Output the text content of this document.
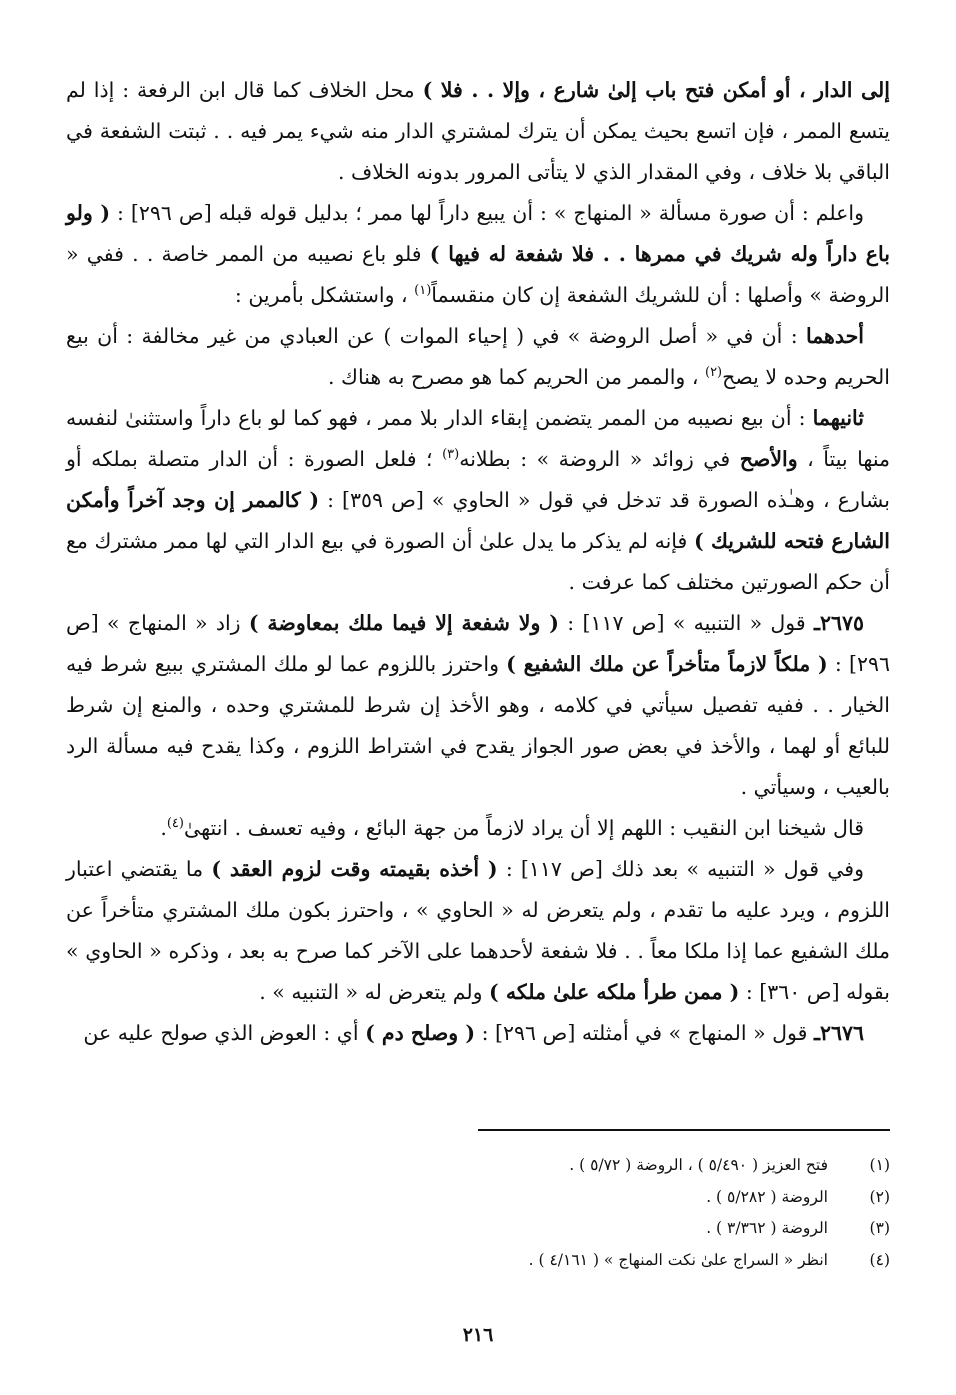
إلى الدار ، أو أمكن فتح باب إلىٰ شارع ، وإلا . . فلا ) محل الخلاف كما قال ابن الرفعة : إذا لم يتسع الممر ، فإن اتسع بحيث يمكن أن يترك لمشتري الدار منه شيء يمر فيه . . ثبتت الشفعة في الباقي بلا خلاف ، وفي المقدار الذي لا يتأتى المرور بدونه الخلاف .

واعلم : أن صورة مسألة « المنهاج » : أن يبيع داراً لها ممر ؛ بدليل قوله قبله [ص ٢٩٦] : ( ولو باع داراً وله شريك في ممرها . . فلا شفعة له فيها ) فلو باع نصيبه من الممر خاصة . . ففي « الروضة » وأصلها : أن للشريك الشفعة إن كان منقسماً$^{(١)}$ ، واستشكل بأمرين :

أحدهما : أن في « أصل الروضة » في ( إحياء الموات ) عن العبادي من غير مخالفة : أن بيع الحريم وحده لا يصح$^{(٢)}$ ، والممر من الحريم كما هو مصرح به هناك .

ثانيهما : أن بيع نصيبه من الممر يتضمن إبقاء الدار بلا ممر ، فهو كما لو باع داراً واستثنىٰ لنفسه منها بيتاً ، والأصح في زوائد « الروضة » : بطلانه$^{(٣)}$ ؛ فلعل الصورة : أن الدار متصلة بملكه أو بشارع ، وهـٰذه الصورة قد تدخل في قول « الحاوي » [ص ٣٥٩] : ( كالممر إن وجد آخراً وأمكن الشارع فتحه للشريك ) فإنه لم يذكر ما يدل علىٰ أن الصورة في بيع الدار التي لها ممر مشترك مع أن حكم الصورتين مختلف كما عرفت .

٢٦٧٥ـ قول « التنبيه » [ص ١١٧] : ( ولا شفعة إلا فيما ملك بمعاوضة ) زاد « المنهاج » [ص ٢٩٦] : ( ملكاً لازماً متأخراً عن ملك الشفيع ) واحترز باللزوم عما لو ملك المشتري ببيع شرط فيه الخيار . . ففيه تفصيل سيأتي في كلامه ، وهو الأخذ إن شرط للمشتري وحده ، والمنع إن شرط للبائع أو لهما ، والأخذ في بعض صور الجواز يقدح في اشتراط اللزوم ، وكذا يقدح فيه مسألة الرد بالعيب ، وسيأتي .

قال شيخنا ابن النقيب : اللهم إلا أن يراد لازماً من جهة البائع ، وفيه تعسف . انتهىٰ$^{(٤)}$.

وفي قول « التنبيه » بعد ذلك [ص ١١٧] : ( أخذه بقيمته وقت لزوم العقد ) ما يقتضي اعتبار اللزوم ، ويرد عليه ما تقدم ، ولم يتعرض له « الحاوي » ، واحترز بكون ملك المشتري متأخراً عن ملك الشفيع عما إذا ملكا معاً . . فلا شفعة لأحدهما على الآخر كما صرح به بعد ، وذكره « الحاوي » بقوله [ص ٣٦٠] : ( ممن طرأ ملكه علىٰ ملكه ) ولم يتعرض له « التنبيه » .

٢٦٧٦ـ قول « المنهاج » في أمثلته [ص ٢٩٦] : ( وصلح دم ) أي : العوض الذي صولح عليه عن

(١)
فتح العزيز ( ٥/٤٩٠ ) ، الروضة ( ٥/٧٢ ) .
(٢)
الروضة ( ٥/٢٨٢ ) .
(٣)
الروضة ( ٣/٣٦٢ ) .
(٤)
انظر « السراج علىٰ نكت المنهاج » ( ٤/١٦١ ) .
٢١٦
